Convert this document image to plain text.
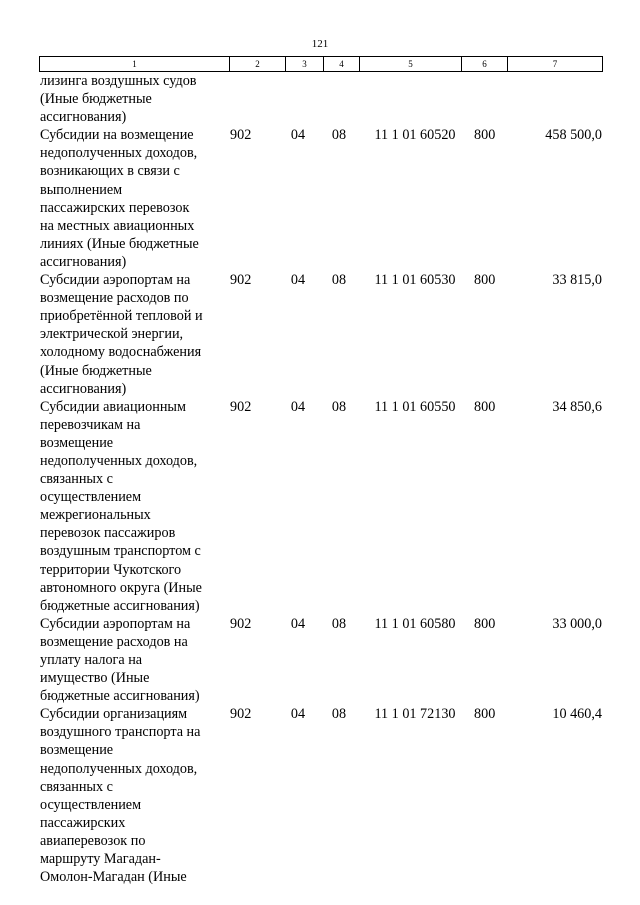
121
1	2	3	4	5	6	7
лизинга воздушных судов
(Иные бюджетные
ассигнования)
Субсидии на возмещение
недополученных доходов,
возникающих в связи с
выполнением
пассажирских перевозок
на местных авиационных
линиях (Иные бюджетные
ассигнования)
902	04	08	11 1 01 60520	800	458 500,0
Субсидии аэропортам на
возмещение расходов по
приобретённой тепловой и
электрической энергии,
холодному водоснабжения
(Иные бюджетные
ассигнования)
902	04	08	11 1 01 60530	800	33 815,0
Субсидии авиационным
перевозчикам на
возмещение
недополученных доходов,
связанных с
осуществлением
межрегиональных
перевозок пассажиров
воздушным транспортом с
территории Чукотского
автономного округа (Иные
бюджетные ассигнования)
902	04	08	11 1 01 60550	800	34 850,6
Субсидии аэропортам на
возмещение расходов на
уплату налога на
имущество (Иные
бюджетные ассигнования)
902	04	08	11 1 01 60580	800	33 000,0
Субсидии организациям
воздушного транспорта на
возмещение
недополученных доходов,
связанных с
осуществлением
пассажирских
авиаперевозок по
маршруту Магадан-
Омолон-Магадан (Иные
902	04	08	11 1 01 72130	800	10 460,4
